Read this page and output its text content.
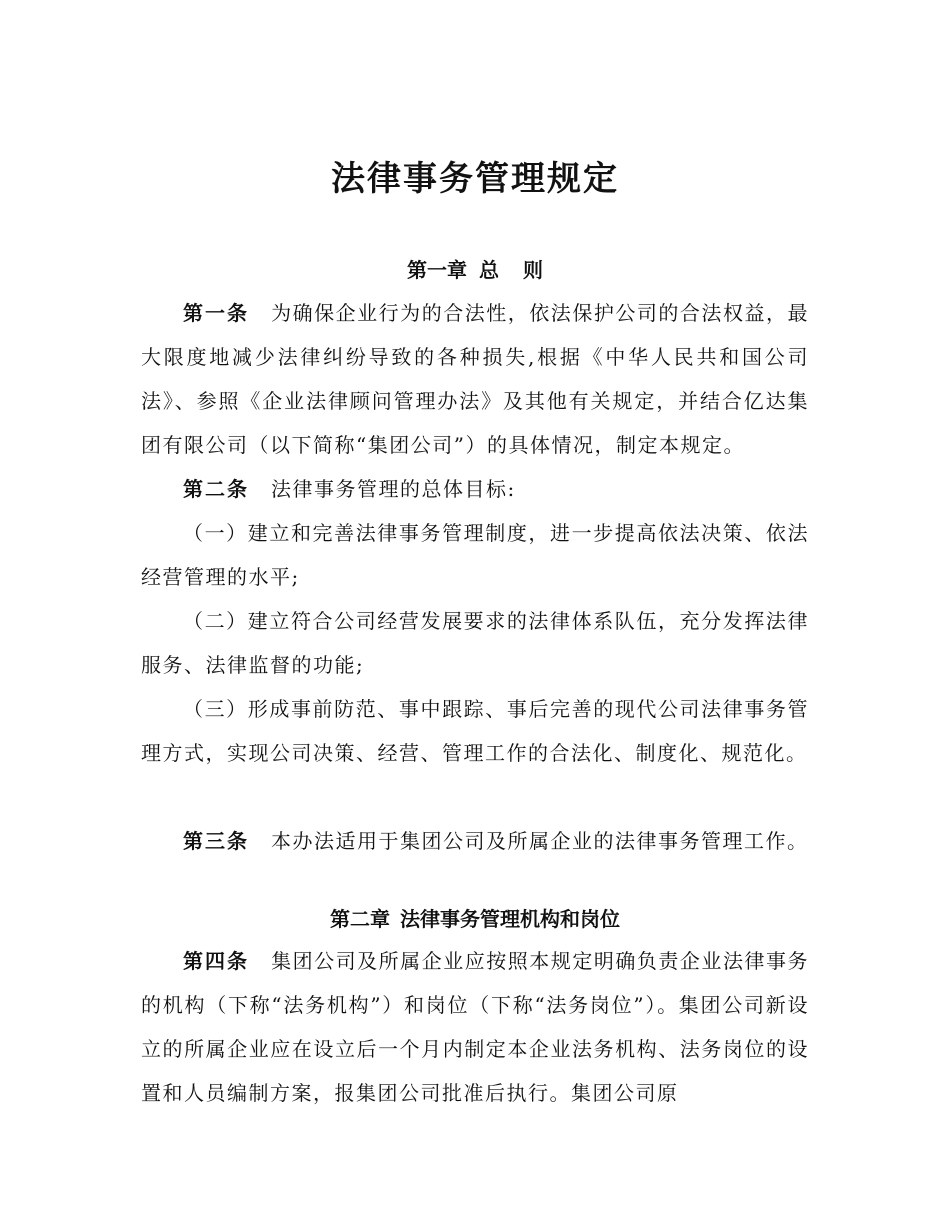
法律事务管理规定
第一章 总 则

第一条 为确保企业行为的合法性，依法保护公司的合法权益，最大限度地减少法律纠纷导致的各种损失,根据《中华人民共和国公司法》、参照《企业法律顾问管理办法》及其他有关规定，并结合亿达集团有限公司（以下简称“集团公司”）的具体情况，制定本规定。

第二条 法律事务管理的总体目标:

（一）建立和完善法律事务管理制度，进一步提高依法决策、依法经营管理的水平;

（二）建立符合公司经营发展要求的法律体系队伍，充分发挥法律服务、法律监督的功能;

（三）形成事前防范、事中跟踪、事后完善的现代公司法律事务管理方式，实现公司决策、经营、管理工作的合法化、制度化、规范化。

第三条 本办法适用于集团公司及所属企业的法律事务管理工作。

第二章 法律事务管理机构和岗位

第四条 集团公司及所属企业应按照本规定明确负责企业法律事务的机构（下称“法务机构”）和岗位（下称“法务岗位”）。集团公司新设立的所属企业应在设立后一个月内制定本企业法务机构、法务岗位的设置和人员编制方案，报集团公司批准后执行。集团公司原
